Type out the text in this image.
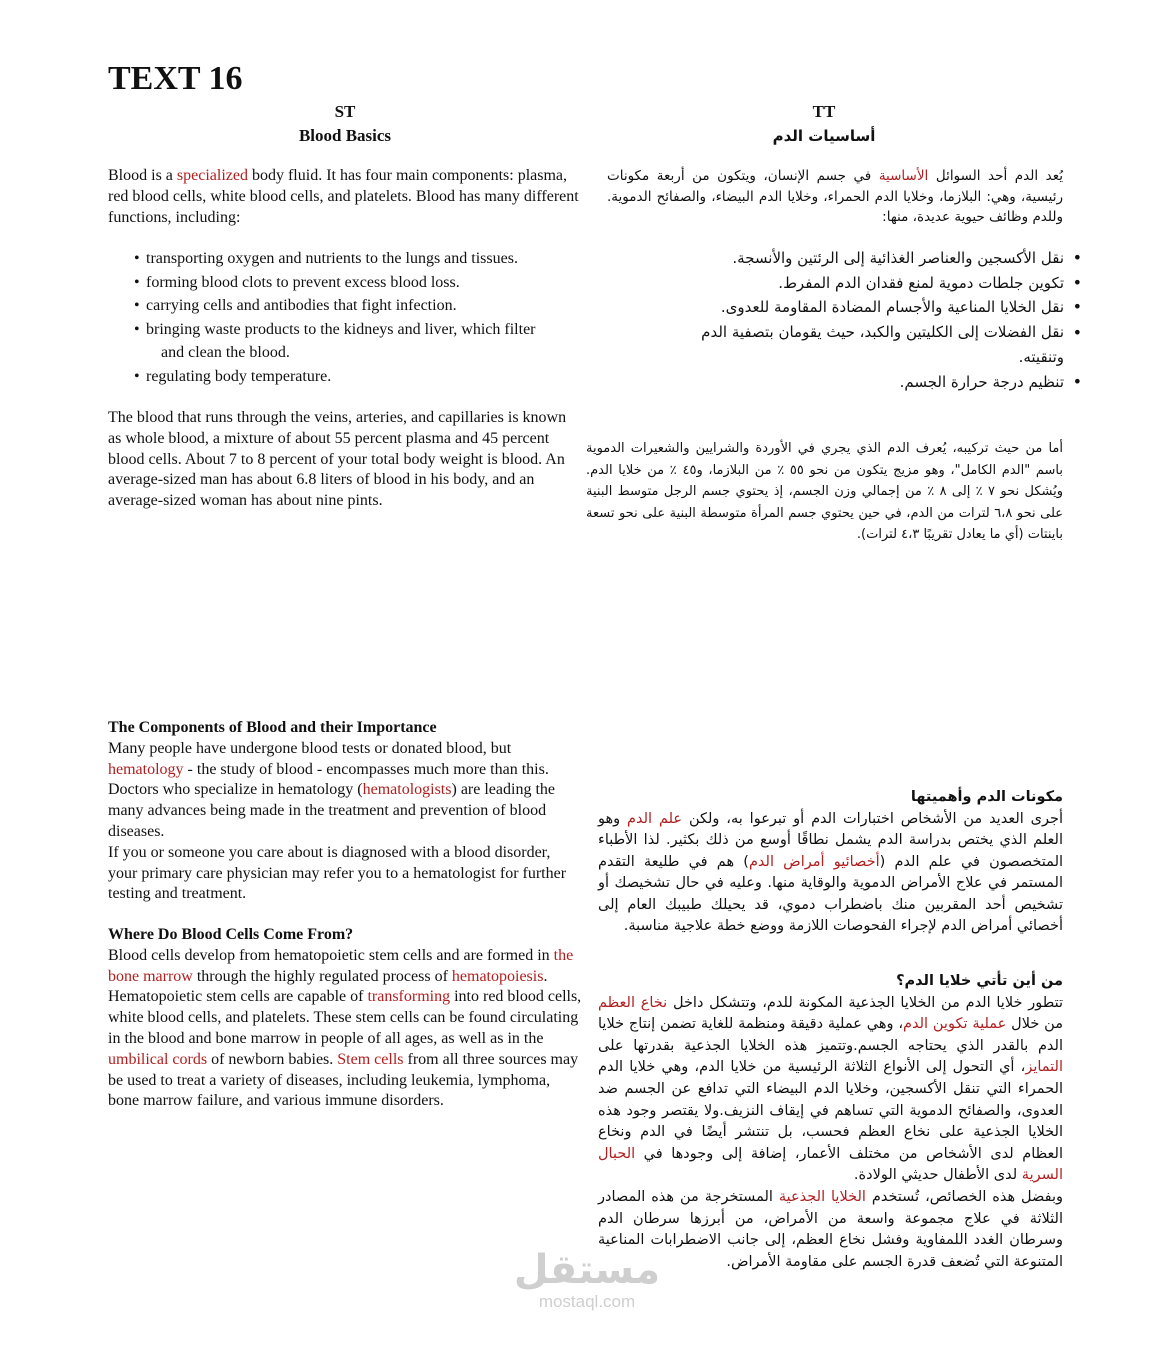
TEXT 16
ST
Blood Basics
TT
أساسيات الدم

Blood is a specialized body fluid. It has four main components: plasma, red blood cells, white blood cells, and platelets. Blood has many different functions, including:

• transporting oxygen and nutrients to the lungs and tissues.
• forming blood clots to prevent excess blood loss.
• carrying cells and antibodies that fight infection.
• bringing waste products to the kidneys and liver, which filter
and clean the blood.
• regulating body temperature.

The blood that runs through the veins, arteries, and capillaries is known as whole blood, a mixture of about 55 percent plasma and 45 percent blood cells. About 7 to 8 percent of your total body weight is blood. An average-sized man has about 6.8 liters of blood in his body, and an average-sized woman has about nine pints.

The Components of Blood and their Importance
Many people have undergone blood tests or donated blood, but hematology - the study of blood - encompasses much more than this. Doctors who specialize in hematology (hematologists) are leading the many advances being made in the treatment and prevention of blood diseases.
If you or someone you care about is diagnosed with a blood disorder, your primary care physician may refer you to a hematologist for further testing and treatment.
Where Do Blood Cells Come From?
Blood cells develop from hematopoietic stem cells and are formed in the bone marrow through the highly regulated process of hematopoiesis. Hematopoietic stem cells are capable of transforming into red blood cells, white blood cells, and platelets. These stem cells can be found circulating in the blood and bone marrow in people of all ages, as well as in the umbilical cords of newborn babies. Stem cells from all three sources may be used to treat a variety of diseases, including leukemia, lymphoma, bone marrow failure, and various immune disorders.

يُعد الدم أحد السوائل الأساسية في جسم الإنسان، ويتكون من أربعة مكونات رئيسية، وهي: البلازما، وخلايا الدم الحمراء، وخلايا الدم البيضاء، والصفائح الدموية. وللدم وظائف حيوية عديدة، منها:

• نقل الأكسجين والعناصر الغذائية إلى الرئتين والأنسجة.
• تكوين جلطات دموية لمنع فقدان الدم المفرط.
• نقل الخلايا المناعية والأجسام المضادة المقاومة للعدوى.
• نقل الفضلات إلى الكليتين والكبد، حيث يقومان بتصفية الدم وتنقيته.
• تنظيم درجة حرارة الجسم.

أما من حيث تركيبه، يُعرف الدم الذي يجري في الأوردة والشرايين والشعيرات الدموية باسم "الدم الكامل"، وهو مزيج يتكون من نحو ٥٥ ٪ من البلازما، و٤٥ ٪ من خلايا الدم. ويُشكل نحو ٧ ٪ إلى ٨ ٪ من إجمالي وزن الجسم، إذ يحتوي جسم الرجل متوسط البنية على نحو ٦،٨ لترات من الدم، في حين يحتوي جسم المرأة متوسطة البنية على نحو تسعة باينتات (أي ما يعادل تقريبًا ٤،٣ لترات).

مكونات الدم وأهميتها
أجرى العديد من الأشخاص اختبارات الدم أو تبرعوا به، ولكن علم الدم وهو العلم الذي يختص بدراسة الدم يشمل نطاقًا أوسع من ذلك بكثير. لذا الأطباء المتخصصون في علم الدم (أخصائيو أمراض الدم) هم في طليعة التقدم المستمر في علاج الأمراض الدموية والوقاية منها. وعليه في حال تشخيصك أو تشخيص أحد المقربين منك باضطراب دموي، قد يحيلك طبيبك العام إلى أخصائي أمراض الدم لإجراء الفحوصات اللازمة ووضع خطة علاجية مناسبة.
من أين تأتي خلايا الدم؟
تتطور خلايا الدم من الخلايا الجذعية المكونة للدم، وتتشكل داخل نخاع العظم من خلال عملية تكوين الدم، وهي عملية دقيقة ومنظمة للغاية تضمن إنتاج خلايا الدم بالقدر الذي يحتاجه الجسم.وتتميز هذه الخلايا الجذعية بقدرتها على التمايز، أي التحول إلى الأنواع الثلاثة الرئيسية من خلايا الدم، وهي خلايا الدم الحمراء التي تنقل الأكسجين، وخلايا الدم البيضاء التي تدافع عن الجسم ضد العدوى، والصفائح الدموية التي تساهم في إيقاف النزيف.ولا يقتصر وجود هذه الخلايا الجذعية على نخاع العظم فحسب، بل تنتشر أيضًا في الدم ونخاع العظام لدى الأشخاص من مختلف الأعمار، إضافة إلى وجودها في الحبال السرية لدى الأطفال حديثي الولادة.
وبفضل هذه الخصائص، تُستخدم الخلايا الجذعية المستخرجة من هذه المصادر الثلاثة في علاج مجموعة واسعة من الأمراض، من أبرزها سرطان الدم وسرطان الغدد اللمفاوية وفشل نخاع العظم، إلى جانب الاضطرابات المناعية المتنوعة التي تُضعف قدرة الجسم على مقاومة الأمراض.
مستقل
mostaql.com
